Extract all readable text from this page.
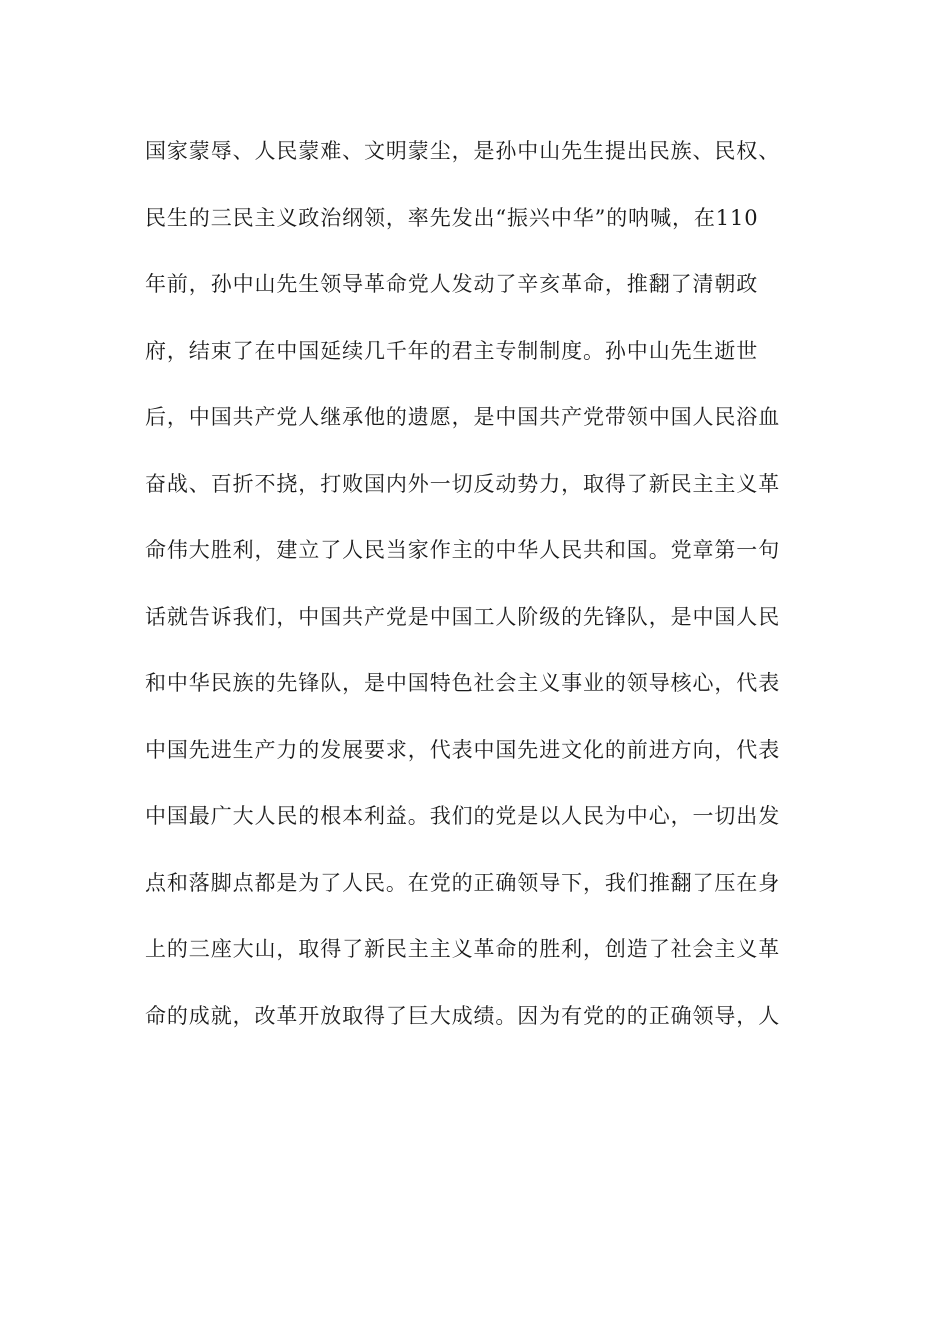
国家蒙辱、人民蒙难、文明蒙尘，是孙中山先生提出民族、民权、
民生的三民主义政治纲领，率先发出“振兴中华”的呐喊，在110
年前，孙中山先生领导革命党人发动了辛亥革命，推翻了清朝政
府，结束了在中国延续几千年的君主专制制度。孙中山先生逝世
后，中国共产党人继承他的遗愿，是中国共产党带领中国人民浴血
奋战、百折不挠，打败国内外一切反动势力，取得了新民主主义革
命伟大胜利，建立了人民当家作主的中华人民共和国。党章第一句
话就告诉我们，中国共产党是中国工人阶级的先锋队，是中国人民
和中华民族的先锋队，是中国特色社会主义事业的领导核心，代表
中国先进生产力的发展要求，代表中国先进文化的前进方向，代表
中国最广大人民的根本利益。我们的党是以人民为中心，一切出发
点和落脚点都是为了人民。在党的正确领导下，我们推翻了压在身
上的三座大山，取得了新民主主义革命的胜利，创造了社会主义革
命的成就，改革开放取得了巨大成绩。因为有党的的正确领导，人
